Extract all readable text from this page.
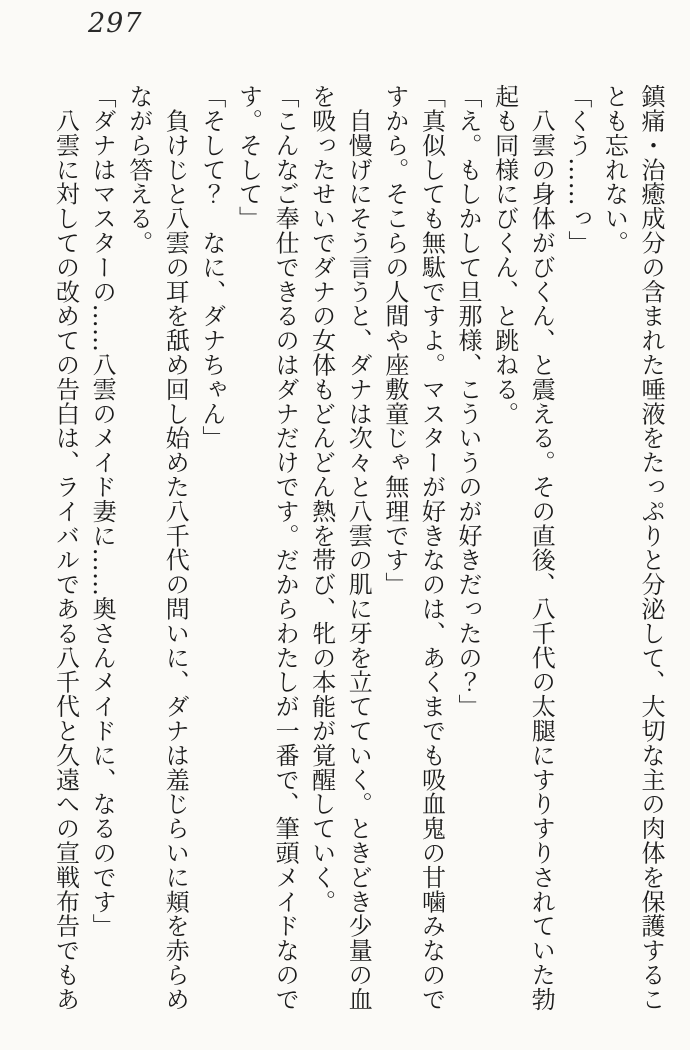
297

鎮痛・治癒成分の含まれた唾液をたっぷりと分泌して、大切な主の肉体を保護するこ

とも忘れない。

「くう……っ」

　八雲の身体がびくん、と震える。その直後、八千代の太腿にすりすりされていた勃

起も同様にびくん、と跳ねる。

「え。もしかして旦那様、こういうのが好きだったの？」

「真似しても無駄ですよ。マスターが好きなのは、あくまでも吸血鬼の甘噛みなので

すから。そこらの人間や座敷童じゃ無理です」

　自慢げにそう言うと、ダナは次々と八雲の肌に牙を立てていく。ときどき少量の血

を吸ったせいでダナの女体もどんどん熱を帯び、牝の本能が覚醒していく。

「こんなご奉仕できるのはダナだけです。だからわたしが一番で、筆頭メイドなので

す。そして」

「そして？　なに、ダナちゃん」

　負けじと八雲の耳を舐め回し始めた八千代の問いに、ダナは羞じらいに頬を赤らめ

ながら答える。

「ダナはマスターの……八雲のメイド妻に……奥さんメイドに、なるのです」

　八雲に対しての改めての告白は、ライバルである八千代と久遠への宣戦布告でもあ
